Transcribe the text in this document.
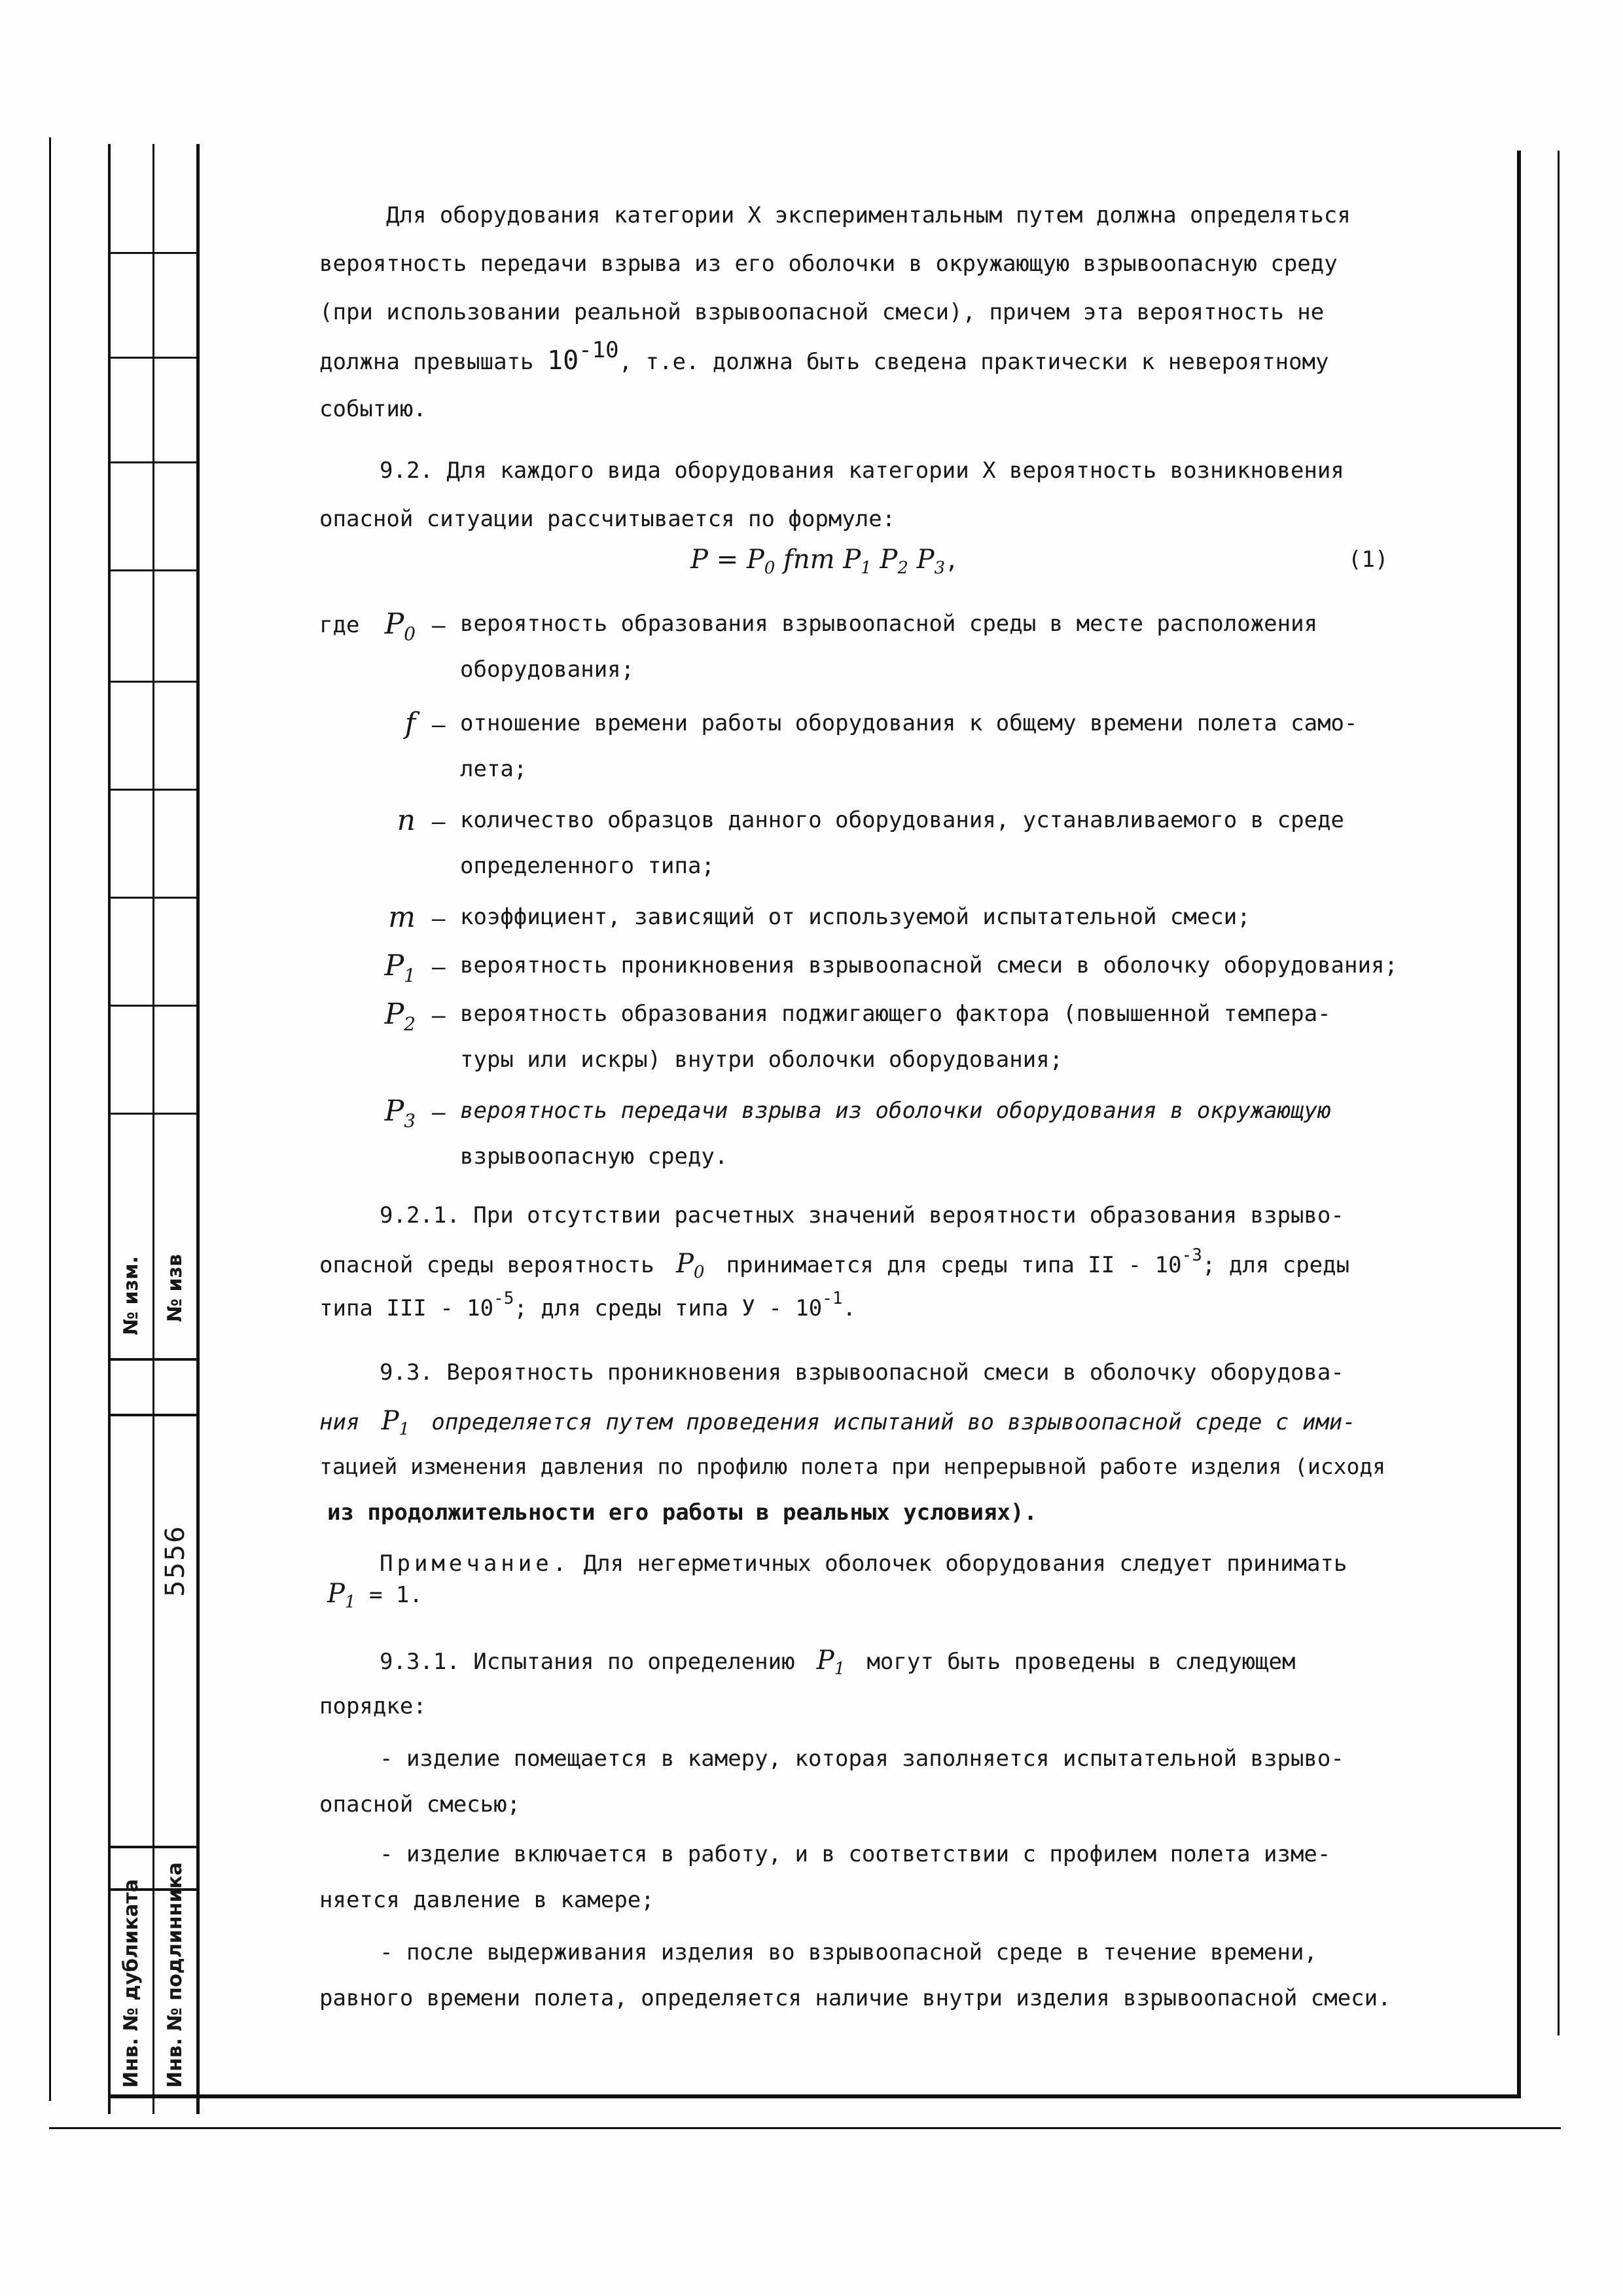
№ изм. № изв
5556
Инв. № дубликата Инв. № подлинника
Для оборудования категории X экспериментальным путем должна определяться
вероятность передачи взрыва из его оболочки в окружающую взрывоопасную среду
(при использовании реальной взрывоопасной смеси), причем эта вероятность не
должна превышать $10^{-10}$, т.е. должна быть сведена практически к невероятному
событию.
9.2. Для каждого вида оборудования категории X вероятность возникновения
опасной ситуации рассчитывается по формуле:
$P = P_0$ fnm $P_1$ $P_2$ $P_3$,	(1)
где $P_0$ – вероятность образования взрывоопасной среды в месте расположения
оборудования;
f – отношение времени работы оборудования к общему времени полета само-
лета;
n – количество образцов данного оборудования, устанавливаемого в среде
определенного типа;
m – коэффициент, зависящий от используемой испытательной смеси;
$P_1$ – вероятность проникновения взрывоопасной смеси в оболочку оборудования;
$P_2$ – вероятность образования поджигающего фактора (повышенной темпера-
туры или искры) внутри оболочки оборудования;
$P_3$ – вероятность передачи взрыва из оболочки оборудования в окружающую
взрывоопасную среду.
9.2.1. При отсутствии расчетных значений вероятности образования взрыво-
опасной среды вероятность  $P_0$ принимается для среды типа II - $10^{-3}$; для среды
типа III - $10^{-5}$; для среды типа У - $10^{-1}$.
9.3. Вероятность проникновения взрывоопасной смеси в оболочку оборудова-
ния  $P_1$ определяется путем проведения испытаний во взрывоопасной среде с ими-
тацией изменения давления по профилю полета при непрерывной работе изделия (исходя
из продолжительности его работы в реальных условиях).
Примечание. Для негерметичных оболочек оборудования следует принимать
$P_1 = 1$.
9.3.1. Испытания по определению  $P_1$ могут быть проведены в следующем
порядке:
- изделие помещается в камеру, которая заполняется испытательной взрыво-
опасной смесью;
- изделие включается в работу, и в соответствии с профилем полета изме-
няется давление в камере;
- после выдерживания изделия во взрывоопасной среде в течение времени,
равного времени полета, определяется наличие внутри изделия взрывоопасной смеси.
